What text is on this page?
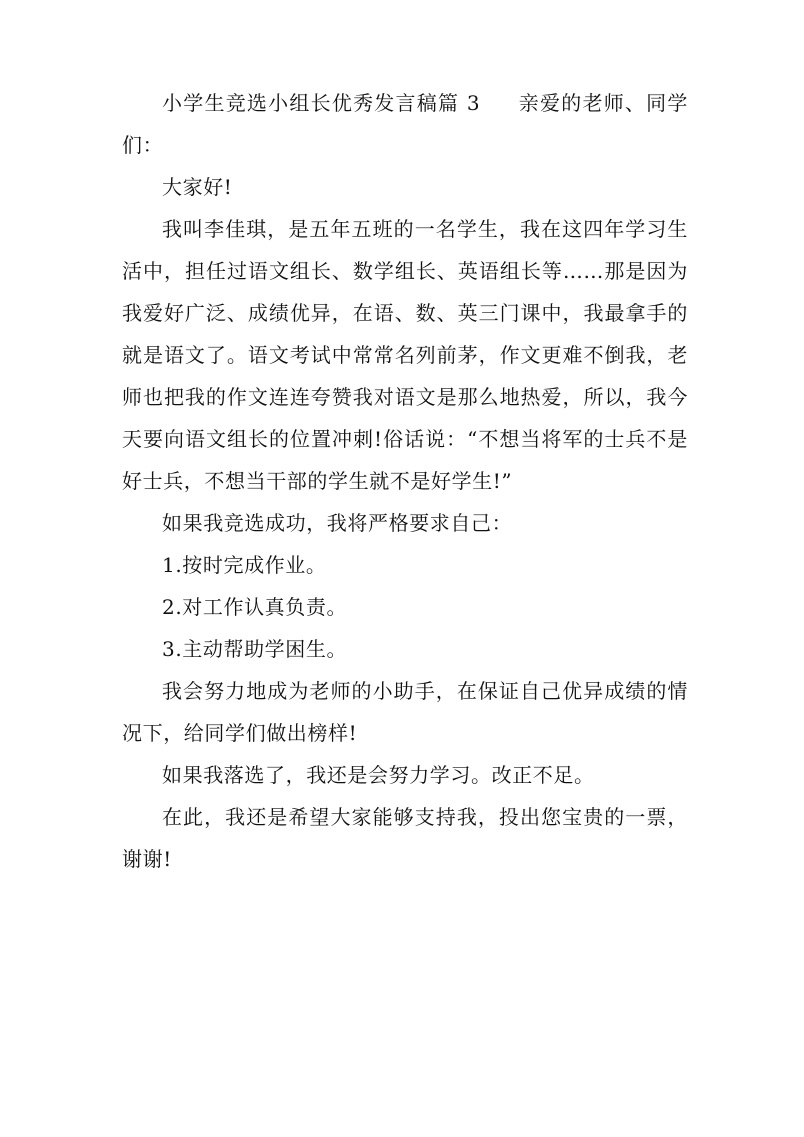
小学生竞选小组长优秀发言稿篇 3 亲爱的老师、同学们：

大家好!

我叫李佳琪，是五年五班的一名学生，我在这四年学习生活中，担任过语文组长、数学组长、英语组长等……那是因为我爱好广泛、成绩优异，在语、数、英三门课中，我最拿手的就是语文了。语文考试中常常名列前茅，作文更难不倒我，老师也把我的作文连连夸赞我对语文是那么地热爱，所以，我今天要向语文组长的位置冲刺!俗话说：“不想当将军的士兵不是好士兵，不想当干部的学生就不是好学生!”

如果我竞选成功，我将严格要求自己：

1.按时完成作业。

2.对工作认真负责。

3.主动帮助学困生。

我会努力地成为老师的小助手，在保证自己优异成绩的情况下，给同学们做出榜样!

如果我落选了，我还是会努力学习。改正不足。

在此，我还是希望大家能够支持我，投出您宝贵的一票，谢谢!
